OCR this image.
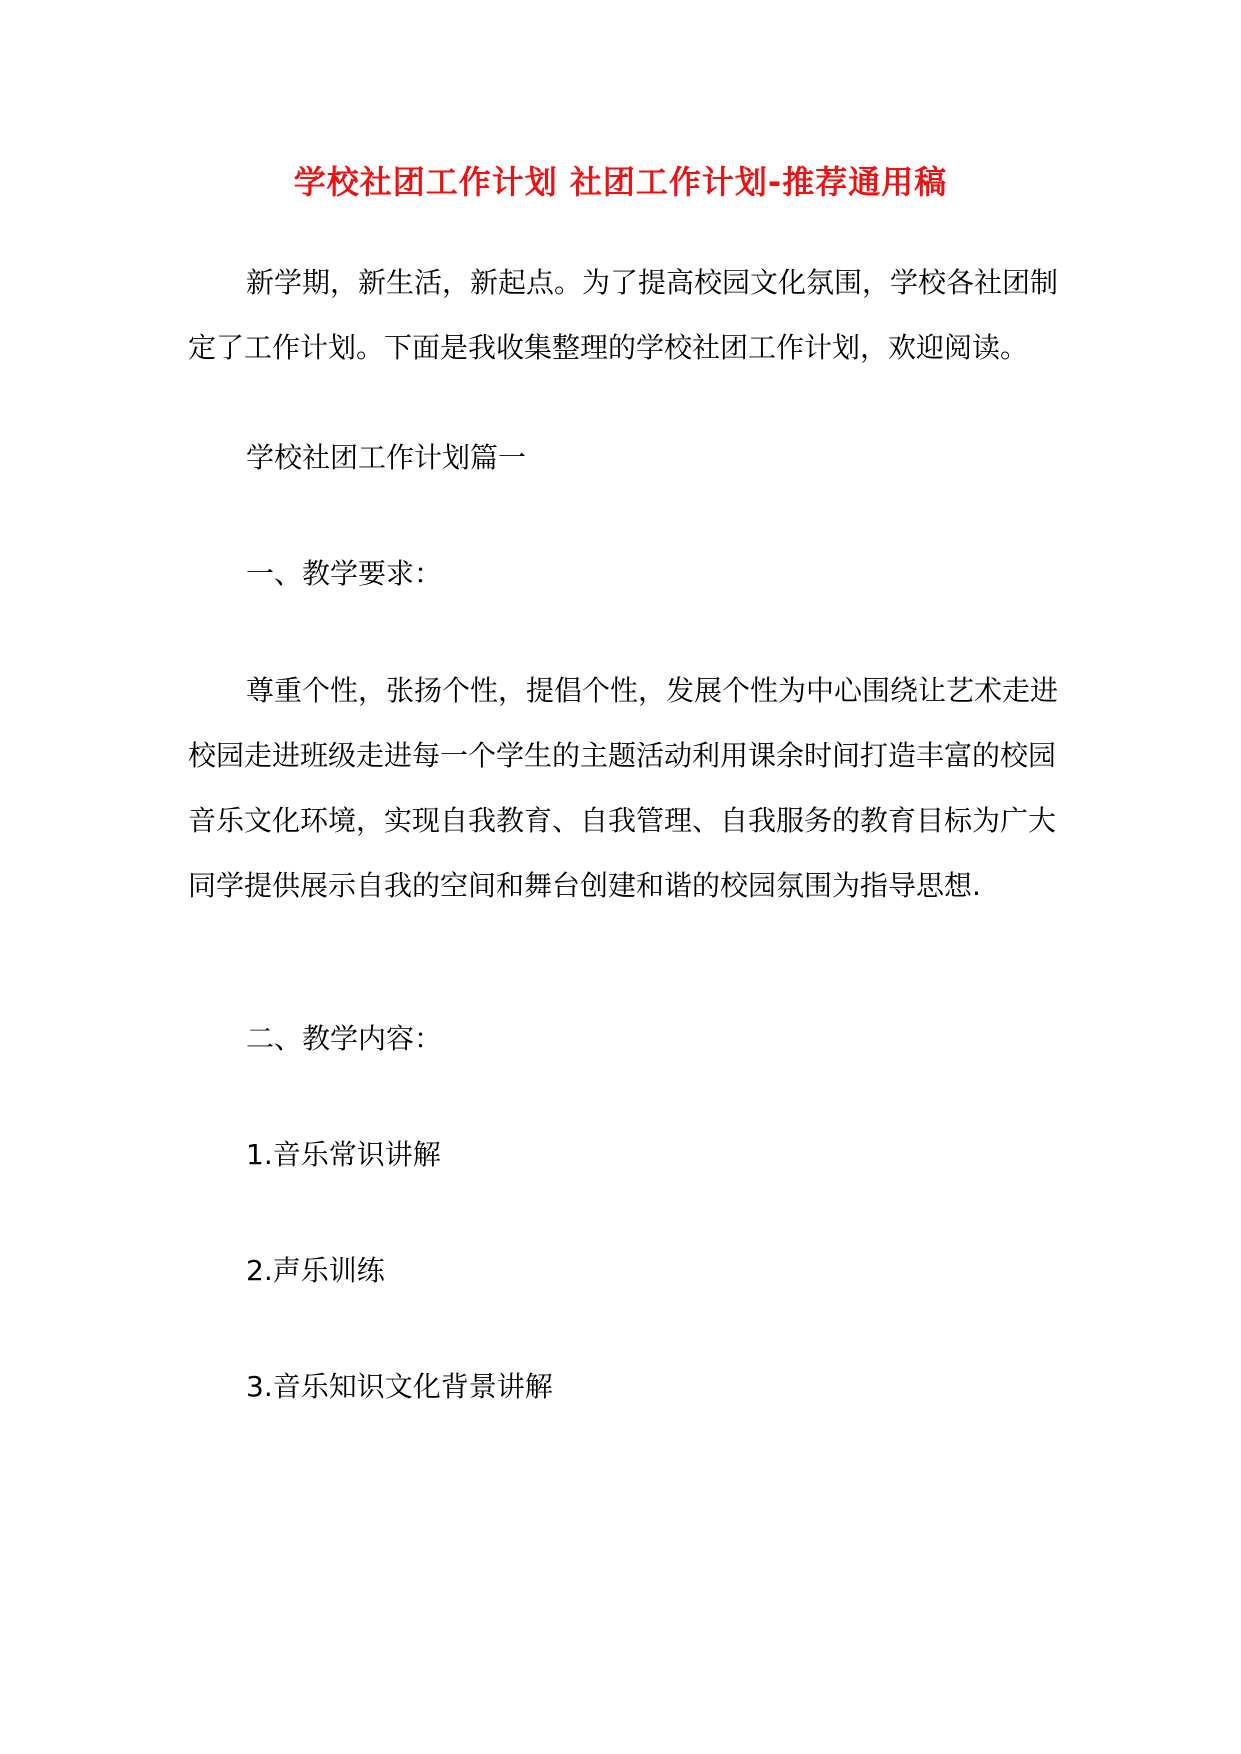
学校社团工作计划 社团工作计划-推荐通用稿

新学期，新生活，新起点。为了提高校园文化氛围，学校各社团制定了工作计划。下面是我收集整理的学校社团工作计划，欢迎阅读。

学校社团工作计划篇一

一、教学要求：

尊重个性，张扬个性，提倡个性，发展个性为中心围绕让艺术走进校园走进班级走进每一个学生的主题活动利用课余时间打造丰富的校园音乐文化环境，实现自我教育、自我管理、自我服务的教育目标为广大同学提供展示自我的空间和舞台创建和谐的校园氛围为指导思想.

二、教学内容：

1.音乐常识讲解

2.声乐训练

3.音乐知识文化背景讲解
